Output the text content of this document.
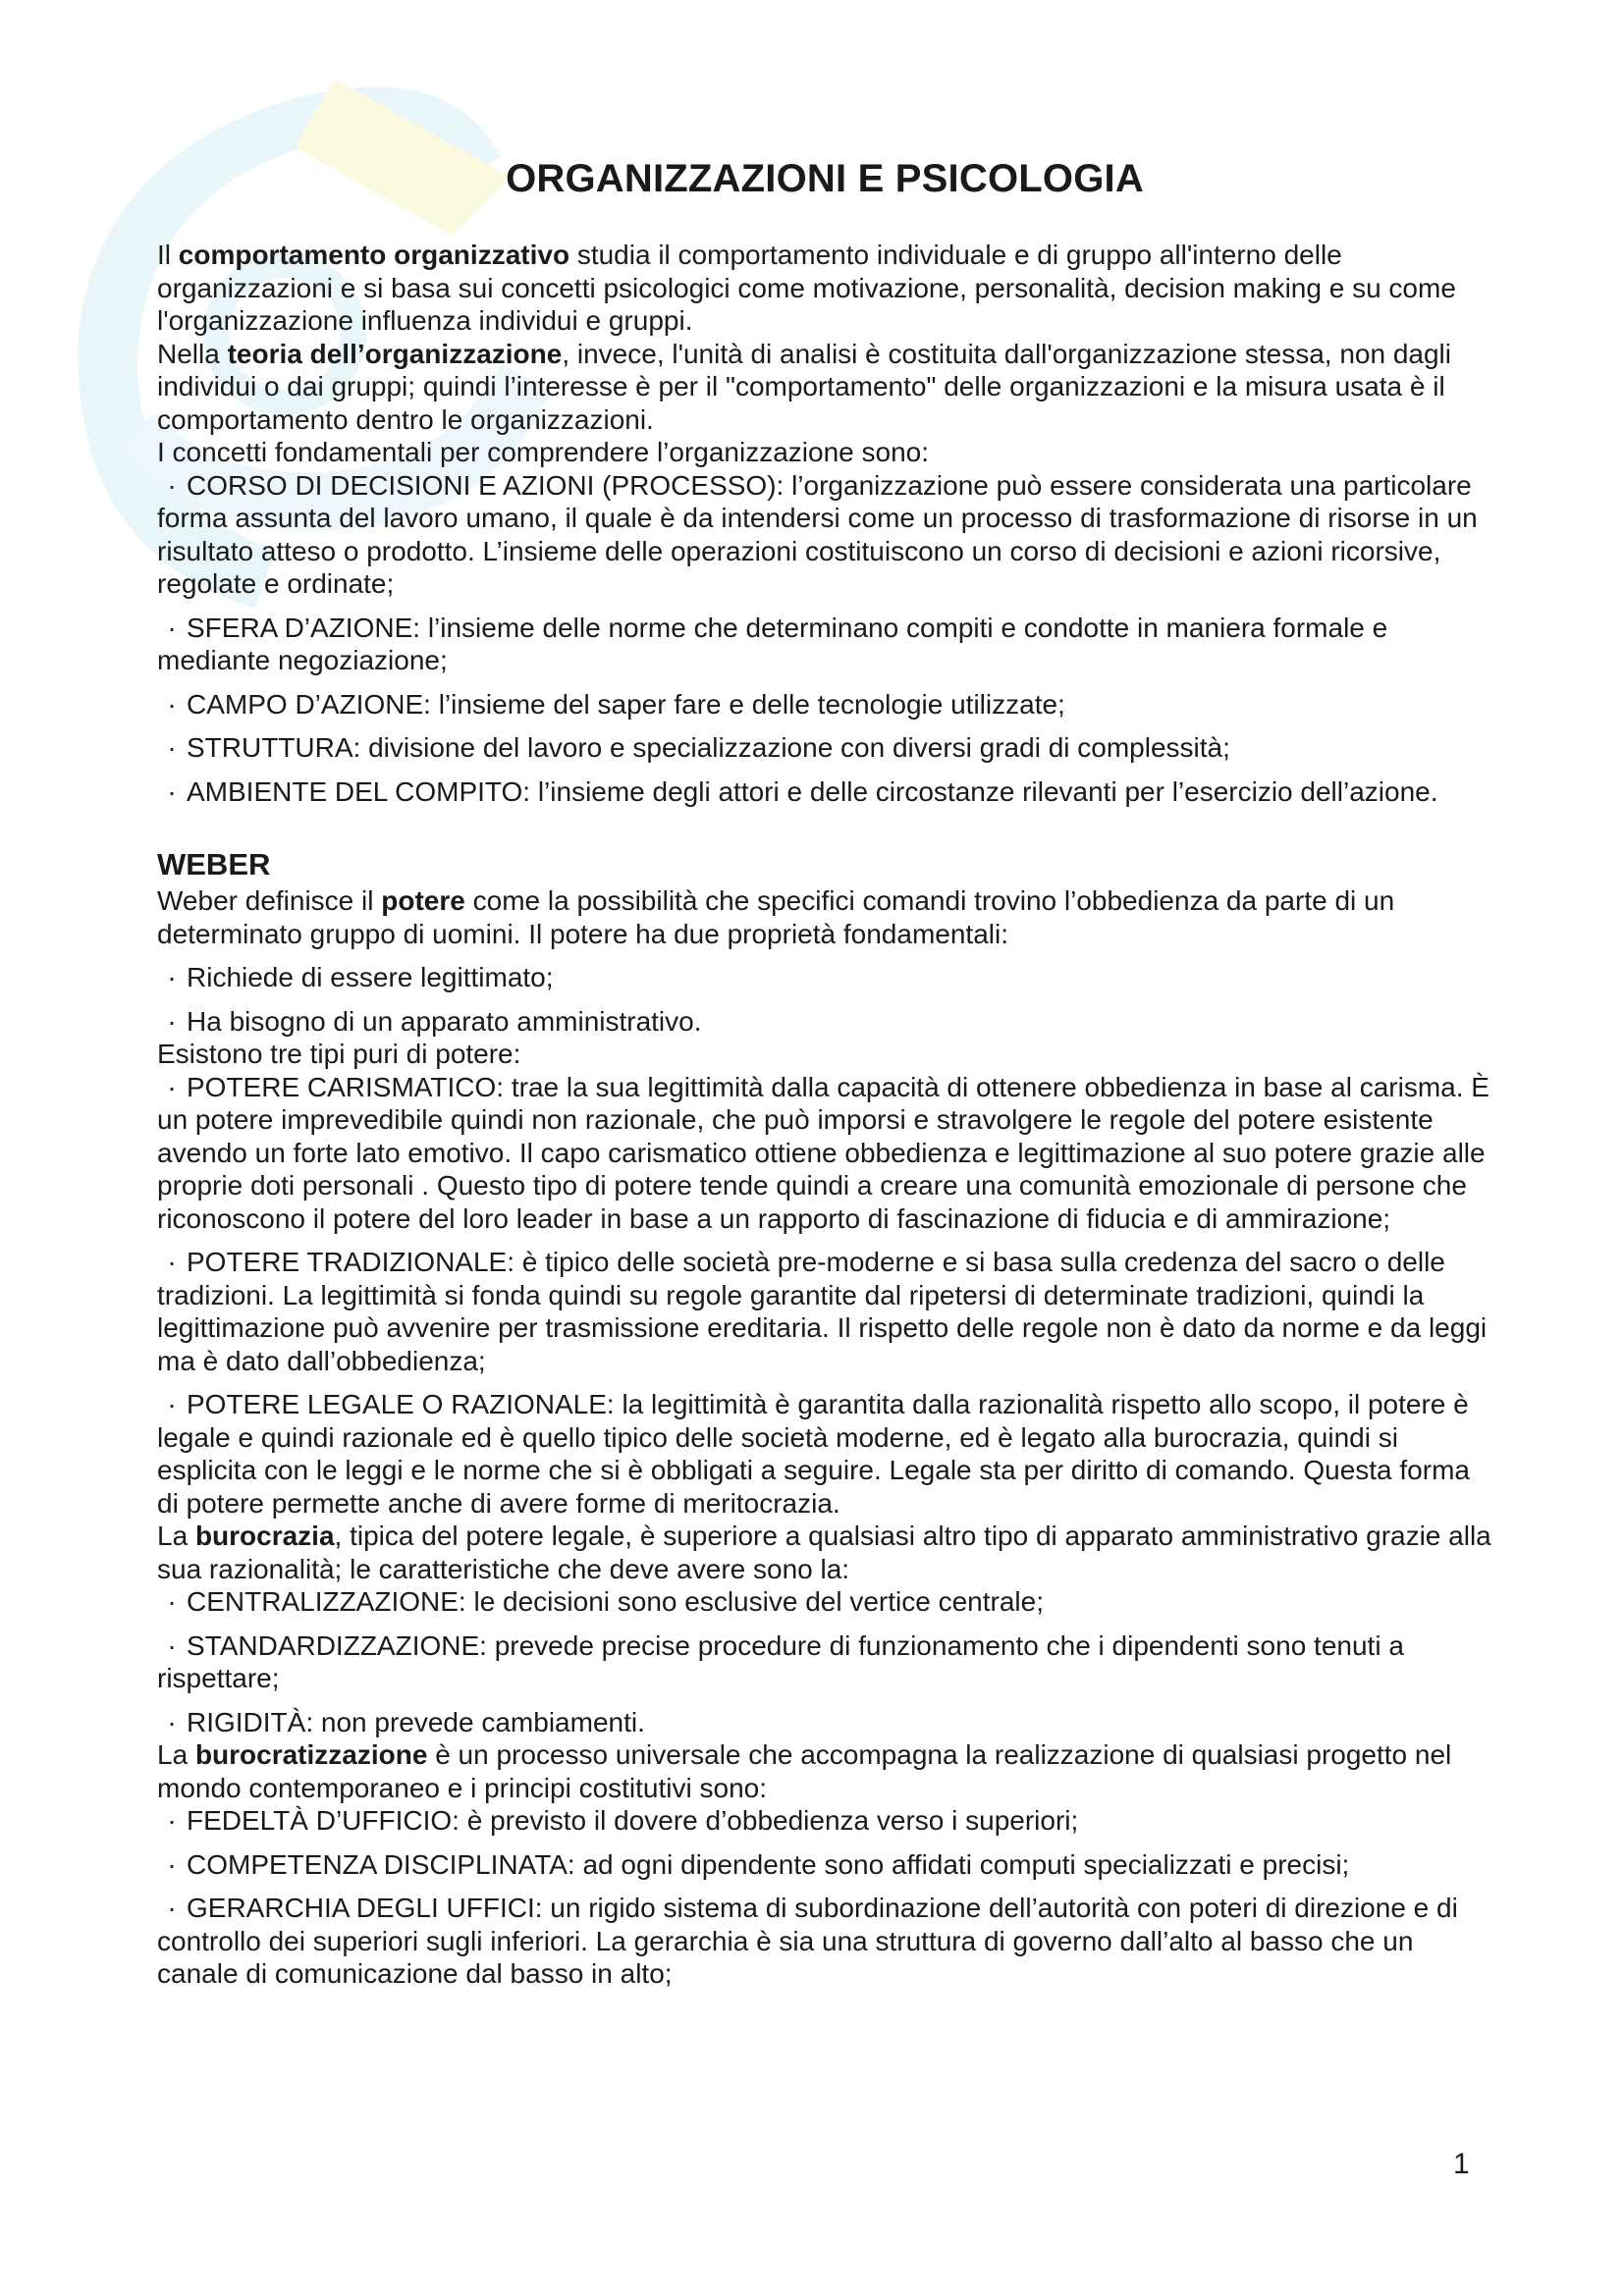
ORGANIZZAZIONI E PSICOLOGIA

Il comportamento organizzativo studia il comportamento individuale e di gruppo all'interno delle organizzazioni e si basa sui concetti psicologici come motivazione, personalità, decision making e su come l'organizzazione influenza individui e gruppi.

Nella teoria dell’organizzazione, invece, l'unità di analisi è costituita dall'organizzazione stessa, non dagli individui o dai gruppi; quindi l’interesse è per il "comportamento" delle organizzazioni e la misura usata è il comportamento dentro le organizzazioni.

I concetti fondamentali per comprendere l’organizzazione sono:

· CORSO DI DECISIONI E AZIONI (PROCESSO): l’organizzazione può essere considerata una particolare forma assunta del lavoro umano, il quale è da intendersi come un processo di trasformazione di risorse in un risultato atteso o prodotto. L’insieme delle operazioni costituiscono un corso di decisioni e azioni ricorsive, regolate e ordinate;

· SFERA D’AZIONE: l’insieme delle norme che determinano compiti e condotte in maniera formale e mediante negoziazione;

· CAMPO D’AZIONE: l’insieme del saper fare e delle tecnologie utilizzate;

· STRUTTURA: divisione del lavoro e specializzazione con diversi gradi di complessità;

· AMBIENTE DEL COMPITO: l’insieme degli attori e delle circostanze rilevanti per l’esercizio dell’azione.

WEBER

Weber definisce il potere come la possibilità che specifici comandi trovino l’obbedienza da parte di un determinato gruppo di uomini. Il potere ha due proprietà fondamentali:

· Richiede di essere legittimato;

· Ha bisogno di un apparato amministrativo.

Esistono tre tipi puri di potere:

· POTERE CARISMATICO: trae la sua legittimità dalla capacità di ottenere obbedienza in base al carisma. È un potere imprevedibile quindi non razionale, che può imporsi e stravolgere le regole del potere esistente avendo un forte lato emotivo. Il capo carismatico ottiene obbedienza e legittimazione al suo potere grazie alle proprie doti personali . Questo tipo di potere tende quindi a creare una comunità emozionale di persone che riconoscono il potere del loro leader in base a un rapporto di fascinazione di fiducia e di ammirazione;

· POTERE TRADIZIONALE: è tipico delle società pre-moderne e si basa sulla credenza del sacro o delle tradizioni. La legittimità si fonda quindi su regole garantite dal ripetersi di determinate tradizioni, quindi la legittimazione può avvenire per trasmissione ereditaria. Il rispetto delle regole non è dato da norme e da leggi ma è dato dall’obbedienza;

· POTERE LEGALE O RAZIONALE: la legittimità è garantita dalla razionalità rispetto allo scopo, il potere è legale e quindi razionale ed è quello tipico delle società moderne, ed è legato alla burocrazia, quindi si esplicita con le leggi e le norme che si è obbligati a seguire. Legale sta per diritto di comando. Questa forma di potere permette anche di avere forme di meritocrazia.

La burocrazia, tipica del potere legale, è superiore a qualsiasi altro tipo di apparato amministrativo grazie alla sua razionalità; le caratteristiche che deve avere sono la:

· CENTRALIZZAZIONE: le decisioni sono esclusive del vertice centrale;

· STANDARDIZZAZIONE: prevede precise procedure di funzionamento che i dipendenti sono tenuti a rispettare;

· RIGIDITÀ: non prevede cambiamenti.

La burocratizzazione è un processo universale che accompagna la realizzazione di qualsiasi progetto nel mondo contemporaneo e i principi costitutivi sono:

· FEDELTÀ D’UFFICIO: è previsto il dovere d’obbedienza verso i superiori;

· COMPETENZA DISCIPLINATA: ad ogni dipendente sono affidati computi specializzati e precisi;

· GERARCHIA DEGLI UFFICI: un rigido sistema di subordinazione dell’autorità con poteri di direzione e di controllo dei superiori sugli inferiori. La gerarchia è sia una struttura di governo dall’alto al basso che un canale di comunicazione dal basso in alto;

1
